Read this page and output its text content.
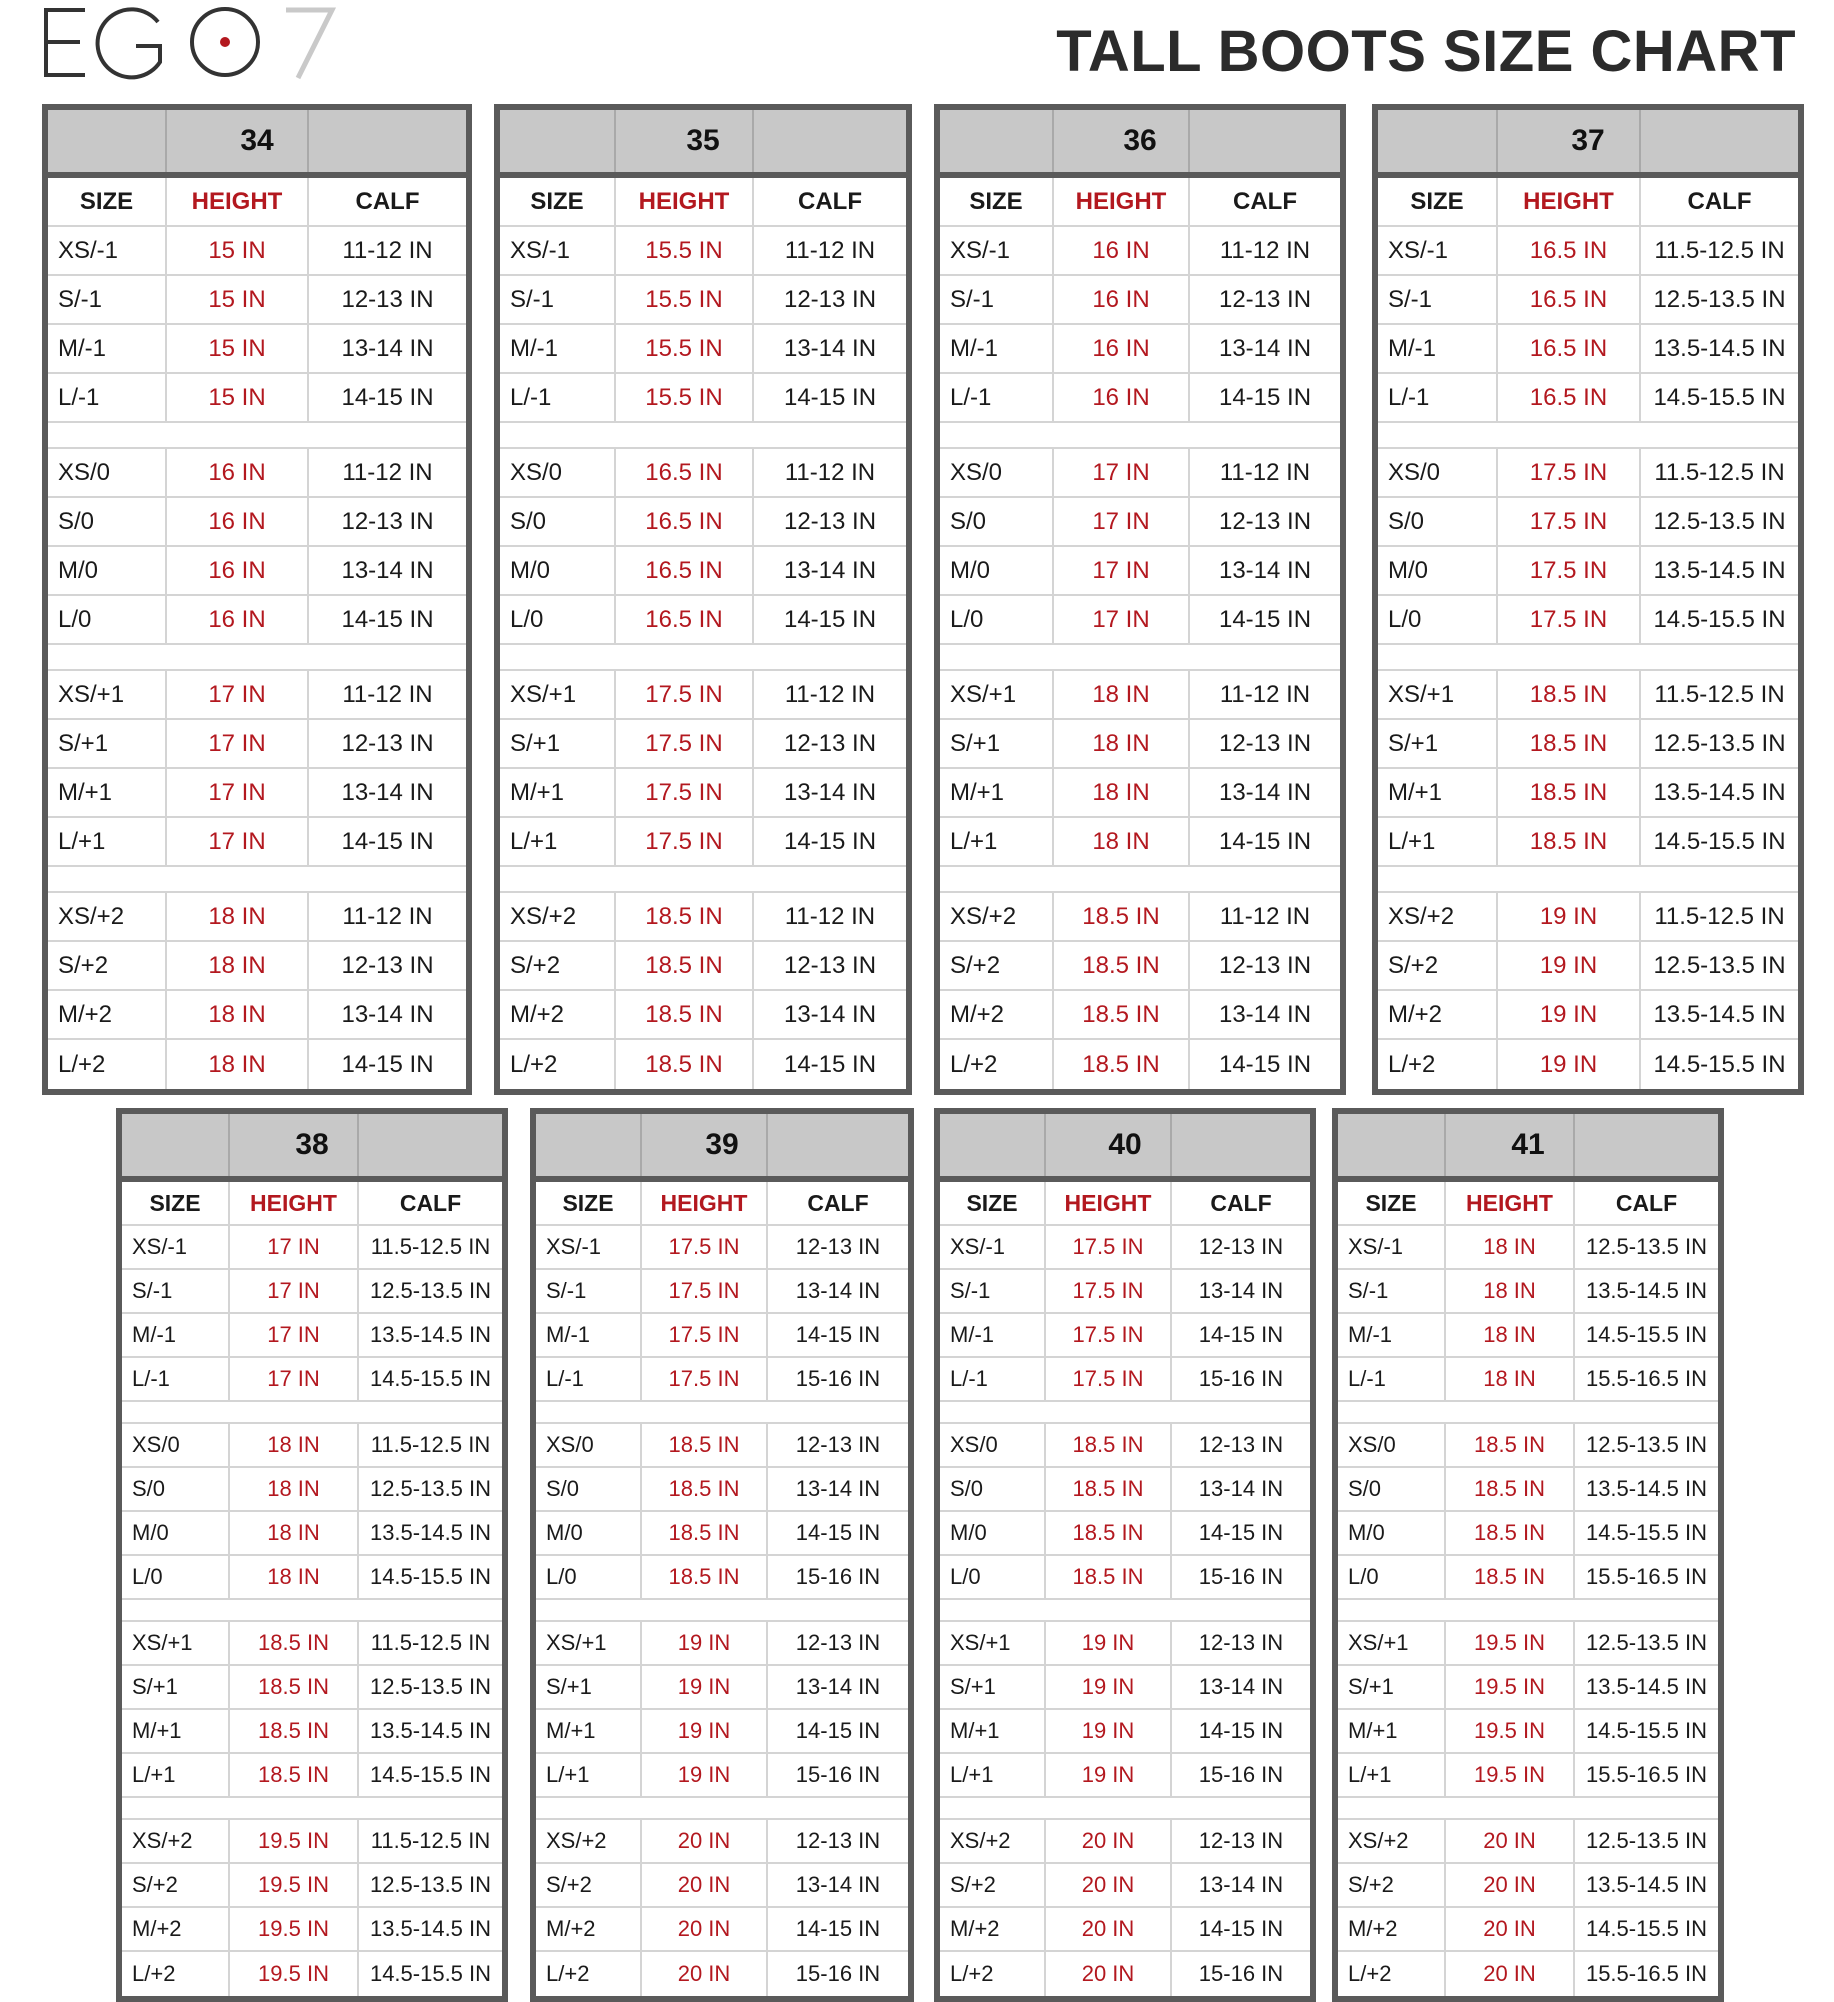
TALL BOOTS SIZE CHART
34
SIZE	HEIGHT	CALF
XS/-1	15 IN	11-12 IN
S/-1	15 IN	12-13 IN
M/-1	15 IN	13-14 IN
L/-1	15 IN	14-15 IN
XS/0	16 IN	11-12 IN
S/0	16 IN	12-13 IN
M/0	16 IN	13-14 IN
L/0	16 IN	14-15 IN
XS/+1	17 IN	11-12 IN
S/+1	17 IN	12-13 IN
M/+1	17 IN	13-14 IN
L/+1	17 IN	14-15 IN
XS/+2	18 IN	11-12 IN
S/+2	18 IN	12-13 IN
M/+2	18 IN	13-14 IN
L/+2	18 IN	14-15 IN
35
SIZE	HEIGHT	CALF
XS/-1	15.5 IN	11-12 IN
S/-1	15.5 IN	12-13 IN
M/-1	15.5 IN	13-14 IN
L/-1	15.5 IN	14-15 IN
XS/0	16.5 IN	11-12 IN
S/0	16.5 IN	12-13 IN
M/0	16.5 IN	13-14 IN
L/0	16.5 IN	14-15 IN
XS/+1	17.5 IN	11-12 IN
S/+1	17.5 IN	12-13 IN
M/+1	17.5 IN	13-14 IN
L/+1	17.5 IN	14-15 IN
XS/+2	18.5 IN	11-12 IN
S/+2	18.5 IN	12-13 IN
M/+2	18.5 IN	13-14 IN
L/+2	18.5 IN	14-15 IN
36
SIZE	HEIGHT	CALF
XS/-1	16 IN	11-12 IN
S/-1	16 IN	12-13 IN
M/-1	16 IN	13-14 IN
L/-1	16 IN	14-15 IN
XS/0	17 IN	11-12 IN
S/0	17 IN	12-13 IN
M/0	17 IN	13-14 IN
L/0	17 IN	14-15 IN
XS/+1	18 IN	11-12 IN
S/+1	18 IN	12-13 IN
M/+1	18 IN	13-14 IN
L/+1	18 IN	14-15 IN
XS/+2	18.5 IN	11-12 IN
S/+2	18.5 IN	12-13 IN
M/+2	18.5 IN	13-14 IN
L/+2	18.5 IN	14-15 IN
37
SIZE	HEIGHT	CALF
XS/-1	16.5 IN	11.5-12.5 IN
S/-1	16.5 IN	12.5-13.5 IN
M/-1	16.5 IN	13.5-14.5 IN
L/-1	16.5 IN	14.5-15.5 IN
XS/0	17.5 IN	11.5-12.5 IN
S/0	17.5 IN	12.5-13.5 IN
M/0	17.5 IN	13.5-14.5 IN
L/0	17.5 IN	14.5-15.5 IN
XS/+1	18.5 IN	11.5-12.5 IN
S/+1	18.5 IN	12.5-13.5 IN
M/+1	18.5 IN	13.5-14.5 IN
L/+1	18.5 IN	14.5-15.5 IN
XS/+2	19 IN	11.5-12.5 IN
S/+2	19 IN	12.5-13.5 IN
M/+2	19 IN	13.5-14.5 IN
L/+2	19 IN	14.5-15.5 IN
38
SIZE	HEIGHT	CALF
XS/-1	17 IN	11.5-12.5 IN
S/-1	17 IN	12.5-13.5 IN
M/-1	17 IN	13.5-14.5 IN
L/-1	17 IN	14.5-15.5 IN
XS/0	18 IN	11.5-12.5 IN
S/0	18 IN	12.5-13.5 IN
M/0	18 IN	13.5-14.5 IN
L/0	18 IN	14.5-15.5 IN
XS/+1	18.5 IN	11.5-12.5 IN
S/+1	18.5 IN	12.5-13.5 IN
M/+1	18.5 IN	13.5-14.5 IN
L/+1	18.5 IN	14.5-15.5 IN
XS/+2	19.5 IN	11.5-12.5 IN
S/+2	19.5 IN	12.5-13.5 IN
M/+2	19.5 IN	13.5-14.5 IN
L/+2	19.5 IN	14.5-15.5 IN
39
SIZE	HEIGHT	CALF
XS/-1	17.5 IN	12-13 IN
S/-1	17.5 IN	13-14 IN
M/-1	17.5 IN	14-15 IN
L/-1	17.5 IN	15-16 IN
XS/0	18.5 IN	12-13 IN
S/0	18.5 IN	13-14 IN
M/0	18.5 IN	14-15 IN
L/0	18.5 IN	15-16 IN
XS/+1	19 IN	12-13 IN
S/+1	19 IN	13-14 IN
M/+1	19 IN	14-15 IN
L/+1	19 IN	15-16 IN
XS/+2	20 IN	12-13 IN
S/+2	20 IN	13-14 IN
M/+2	20 IN	14-15 IN
L/+2	20 IN	15-16 IN
40
SIZE	HEIGHT	CALF
XS/-1	17.5 IN	12-13 IN
S/-1	17.5 IN	13-14 IN
M/-1	17.5 IN	14-15 IN
L/-1	17.5 IN	15-16 IN
XS/0	18.5 IN	12-13 IN
S/0	18.5 IN	13-14 IN
M/0	18.5 IN	14-15 IN
L/0	18.5 IN	15-16 IN
XS/+1	19 IN	12-13 IN
S/+1	19 IN	13-14 IN
M/+1	19 IN	14-15 IN
L/+1	19 IN	15-16 IN
XS/+2	20 IN	12-13 IN
S/+2	20 IN	13-14 IN
M/+2	20 IN	14-15 IN
L/+2	20 IN	15-16 IN
41
SIZE	HEIGHT	CALF
XS/-1	18 IN	12.5-13.5 IN
S/-1	18 IN	13.5-14.5 IN
M/-1	18 IN	14.5-15.5 IN
L/-1	18 IN	15.5-16.5 IN
XS/0	18.5 IN	12.5-13.5 IN
S/0	18.5 IN	13.5-14.5 IN
M/0	18.5 IN	14.5-15.5 IN
L/0	18.5 IN	15.5-16.5 IN
XS/+1	19.5 IN	12.5-13.5 IN
S/+1	19.5 IN	13.5-14.5 IN
M/+1	19.5 IN	14.5-15.5 IN
L/+1	19.5 IN	15.5-16.5 IN
XS/+2	20 IN	12.5-13.5 IN
S/+2	20 IN	13.5-14.5 IN
M/+2	20 IN	14.5-15.5 IN
L/+2	20 IN	15.5-16.5 IN
